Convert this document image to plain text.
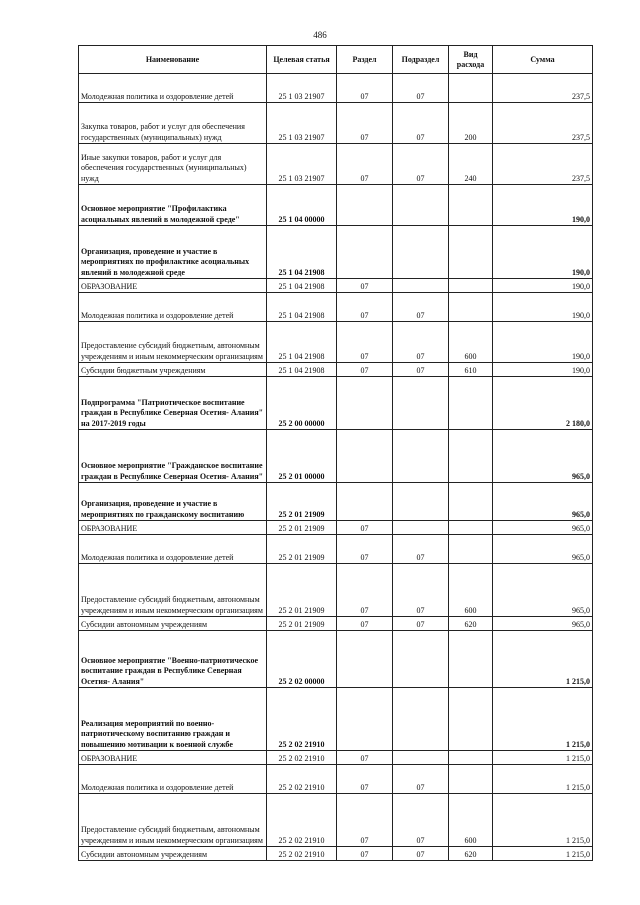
486
Наименование	Целевая статья	Раздел	Подраздел	Вид расхода	Сумма
Молодежная политика и оздоровление детей	25 1 03 21907	07	07		237,5
Закупка товаров, работ и услуг для обеспечения государственных (муниципальных) нужд	25 1 03 21907	07	07	200	237,5
Иные закупки товаров, работ и услуг для обеспечения государственных (муниципальных) нужд	25 1 03 21907	07	07	240	237,5
Основное мероприятие "Профилактика асоциальных явлений в молодежной среде"	25 1 04 00000				190,0
Организация, проведение и участие в мероприятиях по профилактике асоциальных явлений в молодежной среде	25 1 04 21908				190,0
ОБРАЗОВАНИЕ	25 1 04 21908	07			190,0
Молодежная политика и оздоровление детей	25 1 04 21908	07	07		190,0
Предоставление субсидий бюджетным, автономным учреждениям и иным некоммерческим организациям	25 1 04 21908	07	07	600	190,0
Субсидии бюджетным учреждениям	25 1 04 21908	07	07	610	190,0
Подпрограмма "Патриотическое воспитание граждан в Республике Северная Осетия- Алания" на 2017-2019 годы	25 2 00 00000				2 180,0
Основное мероприятие "Гражданское воспитание граждан в Республике Северная Осетия- Алания"	25 2 01 00000				965,0
Организация, проведение и участие в мероприятиях по гражданскому воспитанию	25 2 01 21909				965,0
ОБРАЗОВАНИЕ	25 2 01 21909	07			965,0
Молодежная политика и оздоровление детей	25 2 01 21909	07	07		965,0
Предоставление субсидий бюджетным, автономным учреждениям и иным некоммерческим организациям	25 2 01 21909	07	07	600	965,0
Субсидии автономным учреждениям	25 2 01 21909	07	07	620	965,0
Основное мероприятие "Военно-патриотическое воспитание граждан в Республике Северная Осетия- Алания"	25 2 02 00000				1 215,0
Реализация мероприятий по военно-патриотическому воспитанию граждан и повышению мотивации к военной службе	25 2 02 21910				1 215,0
ОБРАЗОВАНИЕ	25 2 02 21910	07			1 215,0
Молодежная политика и оздоровление детей	25 2 02 21910	07	07		1 215,0
Предоставление субсидий бюджетным, автономным учреждениям и иным некоммерческим организациям	25 2 02 21910	07	07	600	1 215,0
Субсидии автономным учреждениям	25 2 02 21910	07	07	620	1 215,0
